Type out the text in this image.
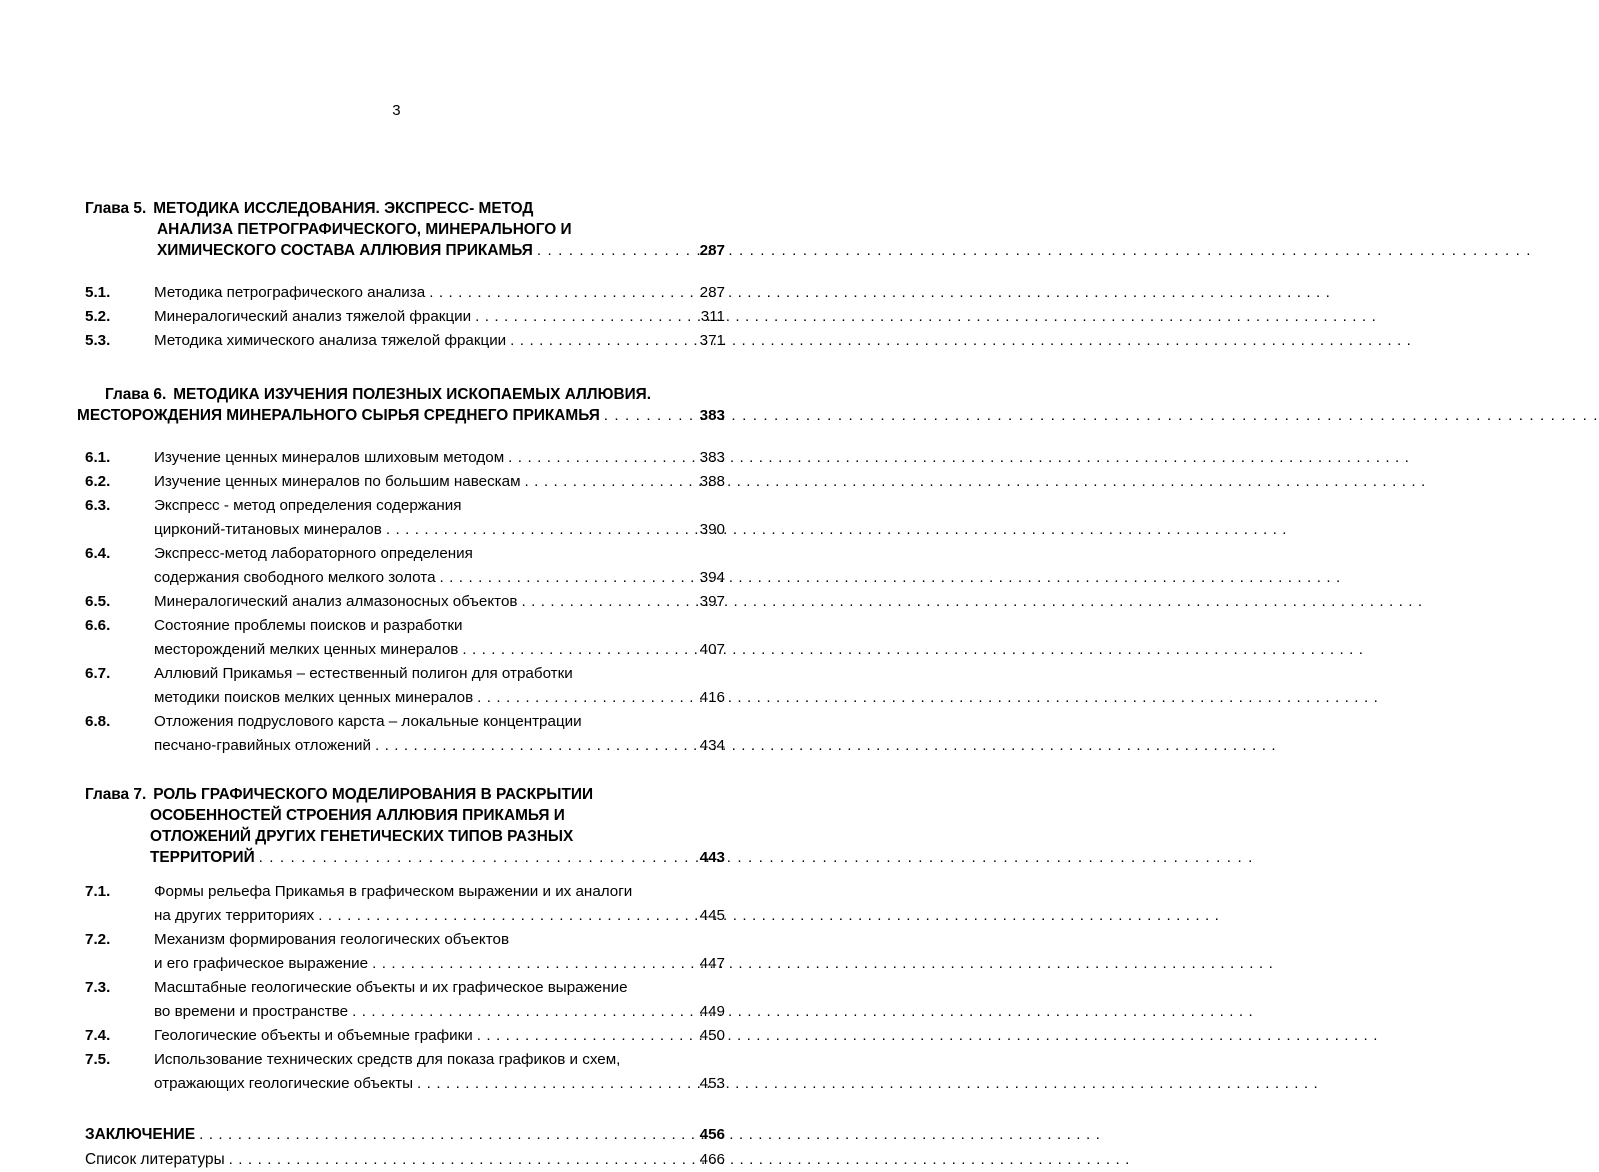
3
Глава 5. МЕТОДИКА ИССЛЕДОВАНИЯ. ЭКСПРЕСС- МЕТОД
АНАЛИЗА ПЕТРОГРАФИЧЕСКОГО, МИНЕРАЛЬНОГО И
ХИМИЧЕСКОГО СОСТАВА АЛЛЮВИЯ ПРИКАМЬЯ . . .	287
5.1.	Методика петрографического анализа . . .	287
5.2.	Минералогический анализ тяжелой фракции . . .	311
5.3.	Методика химического анализа тяжелой фракции . . .	371
Глава 6. МЕТОДИКА ИЗУЧЕНИЯ ПОЛЕЗНЫХ ИСКОПАЕМЫХ АЛЛЮВИЯ.
МЕСТОРОЖДЕНИЯ МИНЕРАЛЬНОГО СЫРЬЯ СРЕДНЕГО ПРИКАМЬЯ . . .	383
6.1.	Изучение ценных минералов шлиховым методом . . .	383
6.2.	Изучение ценных минералов по большим навескам . . .	388
6.3.	Экспресс - метод определения содержания
цирконий-титановых минералов . . .	390
6.4.	Экспресс-метод лабораторного определения
содержания свободного мелкого золота . . .	394
6.5.	Минералогический анализ алмазоносных объектов . . .	397
6.6.	Состояние проблемы поисков и разработки
месторождений мелких ценных минералов . . .	407
6.7.	Аллювий Прикамья – естественный полигон для отработки
методики поисков мелких ценных минералов . . .	416
6.8.	Отложения подруслового карста – локальные концентрации
песчано-гравийных отложений . . .	434
Глава 7. РОЛЬ ГРАФИЧЕСКОГО МОДЕЛИРОВАНИЯ В РАСКРЫТИИ
ОСОБЕННОСТЕЙ СТРОЕНИЯ АЛЛЮВИЯ ПРИКАМЬЯ И
ОТЛОЖЕНИЙ ДРУГИХ ГЕНЕТИЧЕСКИХ ТИПОВ РАЗНЫХ
ТЕРРИТОРИЙ . . .	443
7.1.	Формы рельефа Прикамья в графическом выражении и их аналоги
на других территориях . . .	445
7.2.	Механизм формирования геологических объектов
и его графическое выражение . . .	447
7.3.	Масштабные геологические объекты и их графическое выражение
во времени и пространстве . . .	449
7.4.	Геологические объекты и объемные графики . . .	450
7.5.	Использование технических средств для показа графиков и схем,
отражающих геологические объекты . . .	453
ЗАКЛЮЧЕНИЕ . . .	456
Список литературы . . .	466
